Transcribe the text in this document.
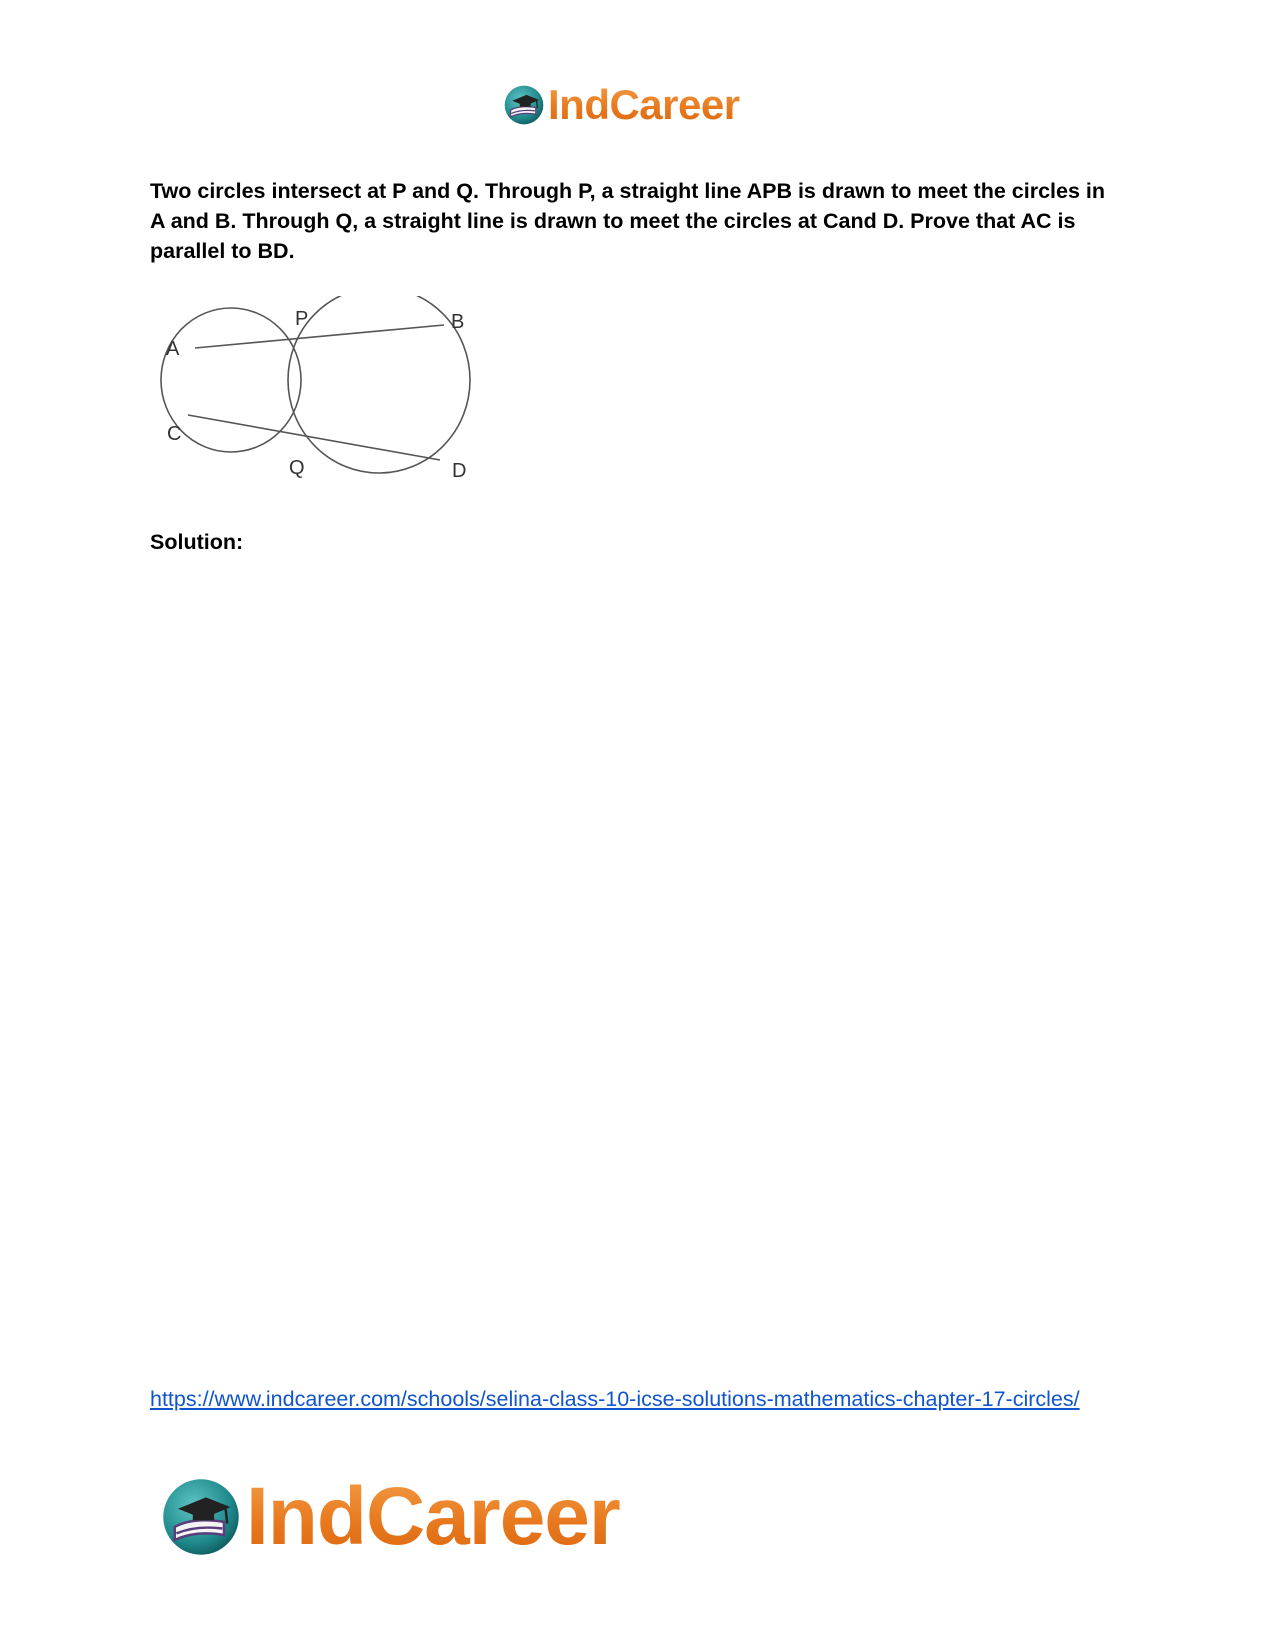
IndCareer

Two circles intersect at P and Q. Through P, a straight line APB is drawn to meet the circles in A and B. Through Q, a straight line is drawn to meet the circles at Cand D. Prove that AC is parallel to BD.

A
P	B
C
Q	D

Solution:

https://www.indcareer.com/schools/selina-class-10-icse-solutions-mathematics-chapter-17-circles/
IndCareer
